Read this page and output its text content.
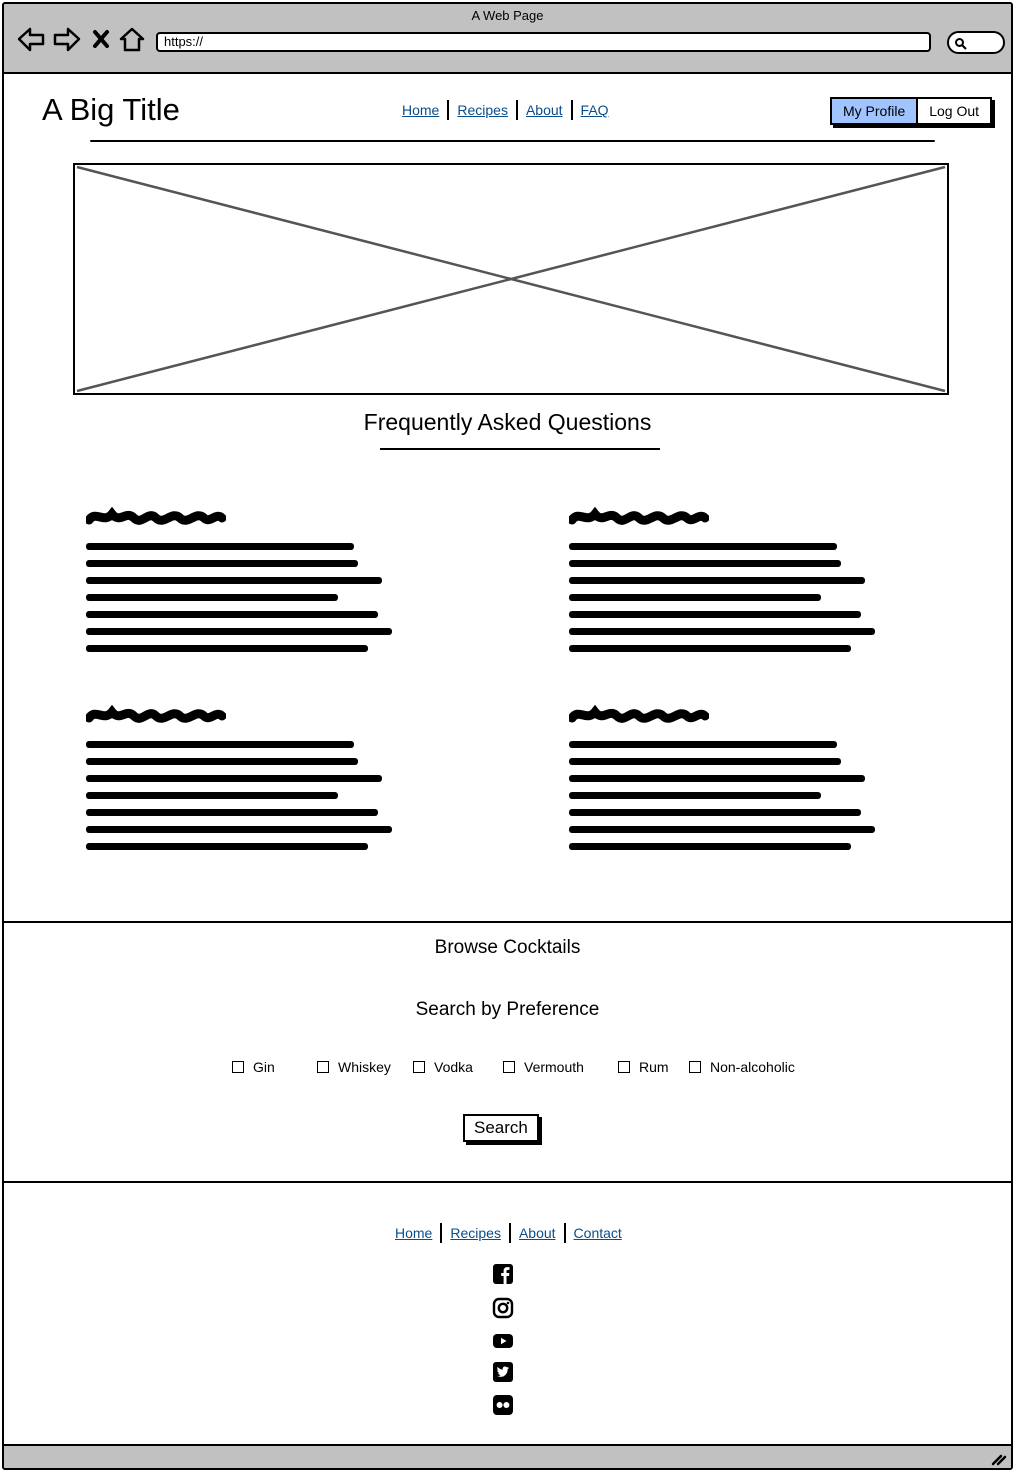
A Web Page
https://
A Big Title	Home	Recipes	About	FAQ	My Profile	Log Out
Frequently Asked Questions
Browse Cocktails
Search by Preference
Gin	Whiskey	Vodka	Vermouth	Rum	Non-alcoholic
Search
Home	Recipes	About	Contact
